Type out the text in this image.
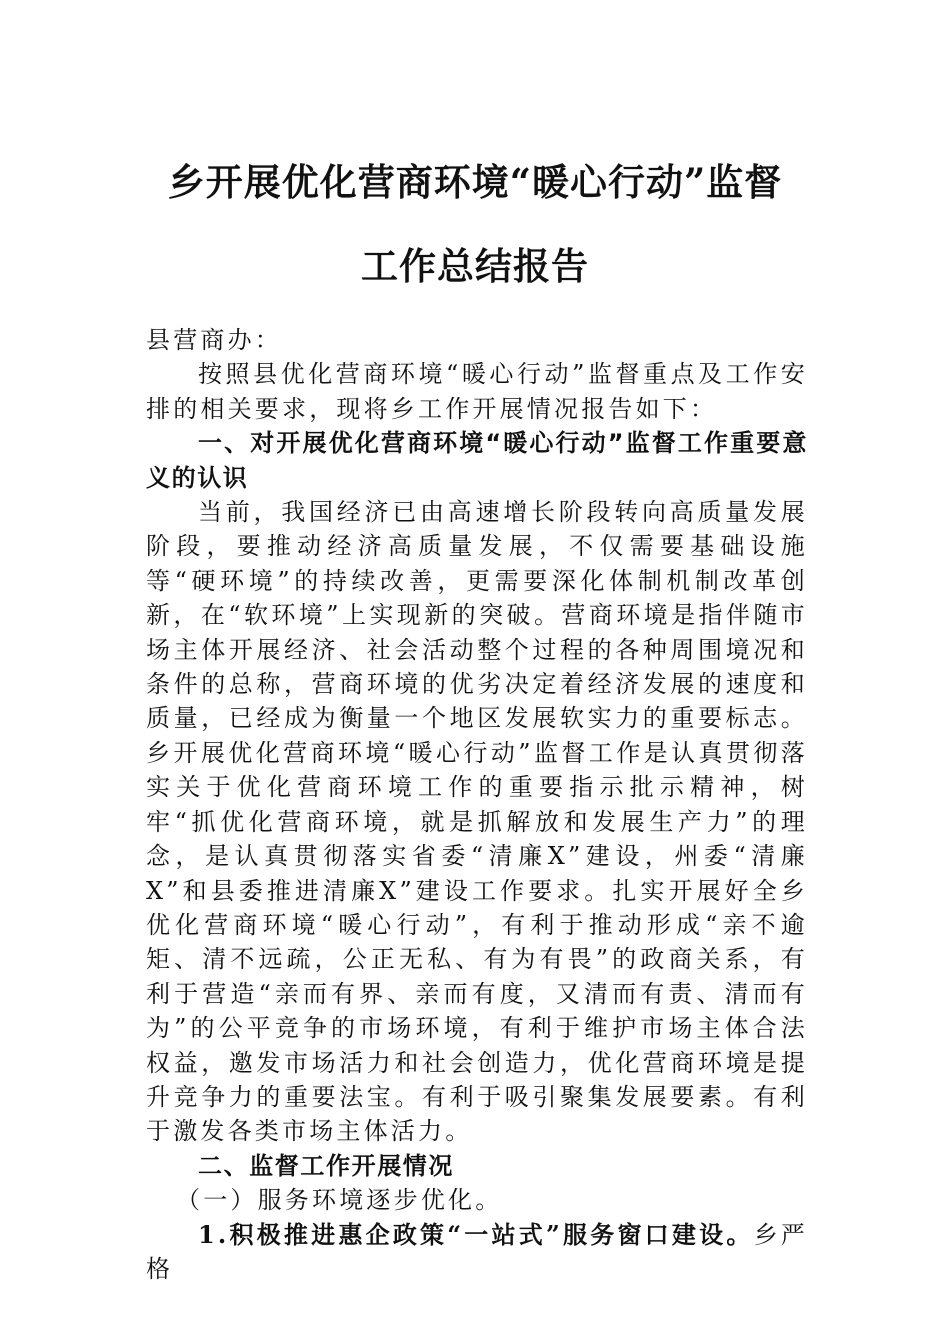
乡开展优化营商环境“暖心行动”监督工作总结报告

县营商办：

按照县优化营商环境“暖心行动”监督重点及工作安排的相关要求，现将乡工作开展情况报告如下：

一、对开展优化营商环境“暖心行动”监督工作重要意义的认识

当前，我国经济已由高速增长阶段转向高质量发展阶段，要推动经济高质量发展，不仅需要基础设施等“硬环境”的持续改善，更需要深化体制机制改革创新，在“软环境”上实现新的突破。营商环境是指伴随市场主体开展经济、社会活动整个过程的各种周围境况和条件的总称，营商环境的优劣决定着经济发展的速度和质量，已经成为衡量一个地区发展软实力的重要标志。乡开展优化营商环境“暖心行动”监督工作是认真贯彻落实关于优化营商环境工作的重要指示批示精神，树牢“抓优化营商环境，就是抓解放和发展生产力”的理念，是认真贯彻落实省委“清廉X”建设，州委“清廉X”和县委推进清廉X”建设工作要求。扎实开展好全乡优化营商环境“暖心行动”，有利于推动形成“亲不逾矩、清不远疏，公正无私、有为有畏”的政商关系，有利于营造“亲而有界、亲而有度，又清而有责、清而有为”的公平竞争的市场环境，有利于维护市场主体合法权益，邀发市场活力和社会创造力，优化营商环境是提升竞争力的重要法宝。有利于吸引聚集发展要素。有利于激发各类市场主体活力。

二、监督工作开展情况

（一）服务环境逐步优化。

1.积极推进惠企政策“一站式”服务窗口建设。乡严格
